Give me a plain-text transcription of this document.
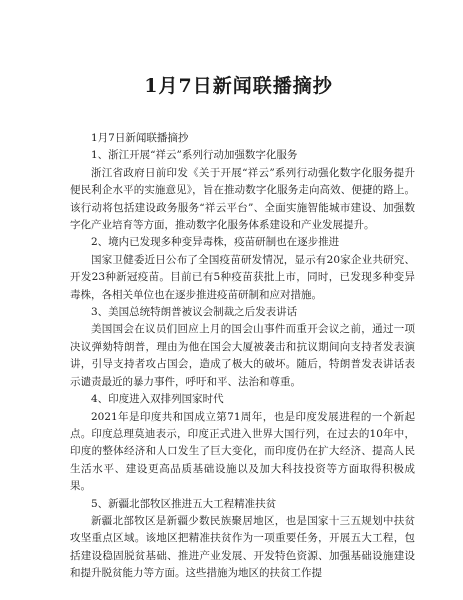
1月7日新闻联播摘抄

1月7日新闻联播摘抄

1、浙江开展“祥云”系列行动加强数字化服务

浙江省政府日前印发《关于开展“祥云”系列行动强化数字化服务提升便民利企水平的实施意见》，旨在推动数字化服务走向高效、便捷的路上。该行动将包括建设政务服务“祥云平台”、全面实施智能城市建设、加强数字化产业培育等方面，推动数字化服务体系建设和产业发展提升。

2、境内已发现多种变异毒株，疫苗研制也在逐步推进

国家卫健委近日公布了全国疫苗研发情况，显示有20家企业共研究、开发23种新冠疫苗。目前已有5种疫苗获批上市，同时，已发现多种变异毒株，各相关单位也在逐步推进疫苗研制和应对措施。

3、美国总统特朗普被议会制裁之后发表讲话

美国国会在议员们回应上月的国会山事件而重开会议之前，通过一项决议弹劾特朗普，理由为他在国会大厦被袭击和抗议期间向支持者发表演讲，引导支持者攻占国会，造成了极大的破坏。随后，特朗普发表讲话表示谴责最近的暴力事件，呼吁和平、法治和尊重。

4、印度进入双排列国家时代

2021年是印度共和国成立第71周年，也是印度发展进程的一个新起点。印度总理莫迪表示，印度正式进入世界大国行列，在过去的10年中，印度的整体经济和人口发生了巨大变化，而印度仍在扩大经济、提高人民生活水平、建设更高品质基础设施以及加大科技投资等方面取得积极成果。

5、新疆北部牧区推进五大工程精准扶贫

新疆北部牧区是新疆少数民族聚居地区，也是国家十三五规划中扶贫攻坚重点区域。该地区把精准扶贫作为一项重要任务，开展五大工程，包括建设稳固脱贫基础、推进产业发展、开发特色资源、加强基础设施建设和提升脱贫能力等方面。这些措施为地区的扶贫工作提
